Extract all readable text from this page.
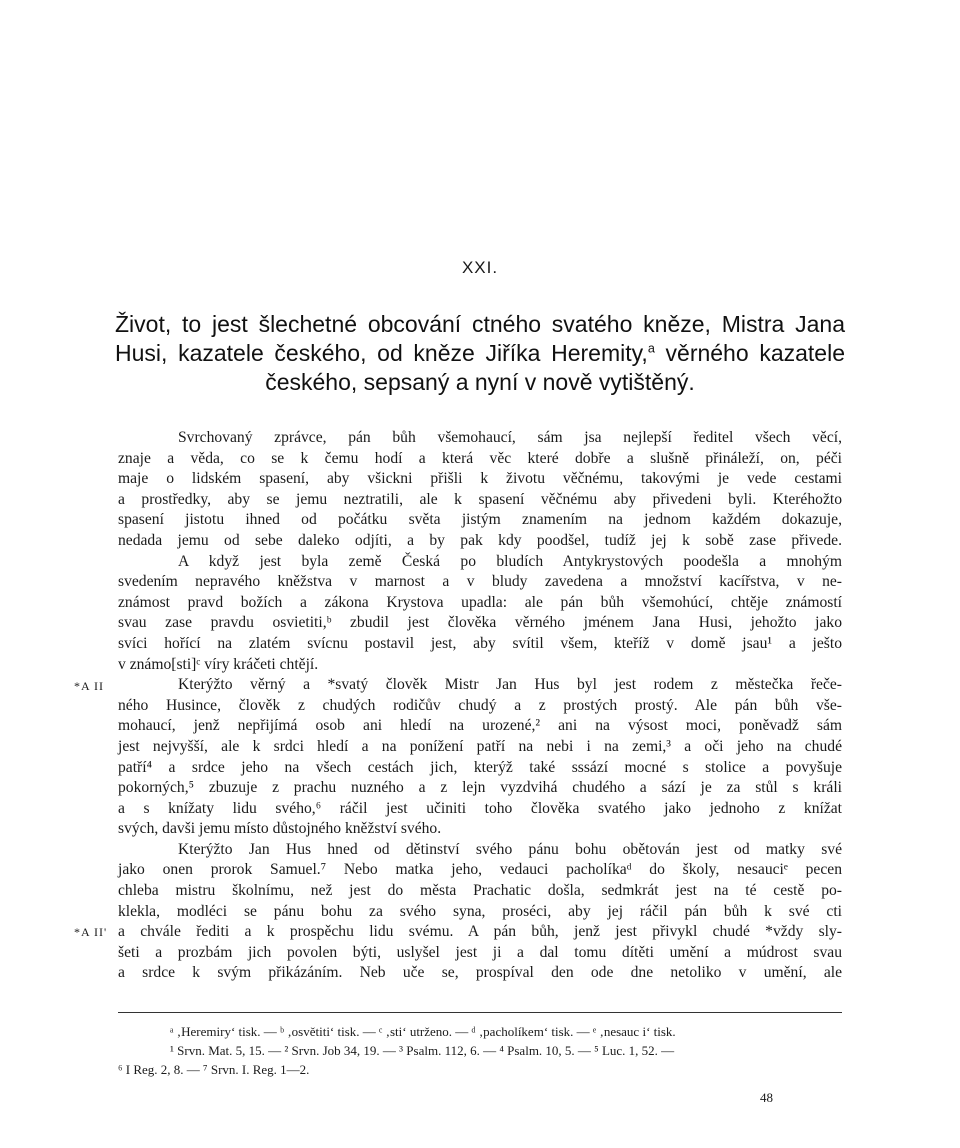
XXI.
Život, to jest šlechetné obcování ctného svatého kněze, Mistra Jana
Husi, kazatele českého, od kněze Jiříka Heremity,$^a$ věrného kazatele
českého, sepsaný a nyní v nově vytištěný.
*A II
*A II'
Svrchovaný zprávce, pán bůh všemohaucí, sám jsa nejlepší ředitel všech věcí,
znaje a věda, co se k čemu hodí a která věc které dobře a slušně přináleží, on, péči
maje o lidském spasení, aby všickni přišli k životu věčnému, takovými je vede cestami
a prostředky, aby se jemu neztratili, ale k spasení věčnému aby přivedeni byli. Kteréhožto
spasení jistotu ihned od počátku světa jistým znamením na jednom každém dokazuje,
nedada jemu od sebe daleko odjíti, a by pak kdy poodšel, tudíž jej k sobě zase přivede.
A když jest byla země Česká po bludích Antykrystových poodešla a mnohým
svedením nepravého kněžstva v marnost a v bludy zavedena a množství kacířstva, v ne-
známost pravd božích a zákona Krystova upadla: ale pán bůh všemohúcí, chtěje známostí
svau zase pravdu osvietiti,ᵇ zbudil jest člověka věrného jménem Jana Husi, jehožto jako
svíci hořící na zlatém svícnu postavil jest, aby svítil všem, kteříž v domě jsau¹ a ješto
v známo[sti]ᶜ víry kráčeti chtějí.
Kterýžto věrný a *svatý člověk Mistr Jan Hus byl jest rodem z městečka řeče-
ného Husince, člověk z chudých rodičův chudý a z prostých prostý. Ale pán bůh vše-
mohaucí, jenž nepřijímá osob ani hledí na urozené,² ani na výsost moci, poněvadž sám
jest nejvyšší, ale k srdci hledí a na ponížení patří na nebi i na zemi,³ a oči jeho na chudé
patří⁴ a srdce jeho na všech cestách jich, kterýž také sssází mocné s stolice a povyšuje
pokorných,⁵ zbuzuje z prachu nuzného a z lejn vyzdvihá chudého a sází je za stůl s králi
a s knížaty lidu svého,⁶ ráčil jest učiniti toho člověka svatého jako jednoho z knížat
svých, davši jemu místo důstojného kněžství svého.
Kterýžto Jan Hus hned od dětinství svého pánu bohu obětován jest od matky své
jako onen prorok Samuel.⁷ Nebo matka jeho, vedauci pacholíkaᵈ do školy, nesauciᵉ pecen
chleba mistru školnímu, než jest do města Prachatic došla, sedmkrát jest na té cestě po-
klekla, modléci se pánu bohu za svého syna, proséci, aby jej ráčil pán bůh k své cti
a chvále řediti a k prospěchu lidu svému. A pán bůh, jenž jest přivykl chudé *vždy sly-
šeti a prozbám jich povolen býti, uslyšel jest ji a dal tomu dítěti umění a múdrost svau
a srdce k svým přikázáním. Neb uče se, prospíval den ode dne netoliko v umění, ale
ᵃ ‚Heremiry‘ tisk. — ᵇ ‚osvětiti‘ tisk. — ᶜ ‚sti‘ utrženo. — ᵈ ‚pacholíkem‘ tisk. — ᵉ ‚nesauc i‘ tisk.
¹ Srvn. Mat. 5, 15. — ² Srvn. Job 34, 19. — ³ Psalm. 112, 6. — ⁴ Psalm. 10, 5. — ⁵ Luc. 1, 52. —
⁶ I Reg. 2, 8. — ⁷ Srvn. I. Reg. 1—2.
48
